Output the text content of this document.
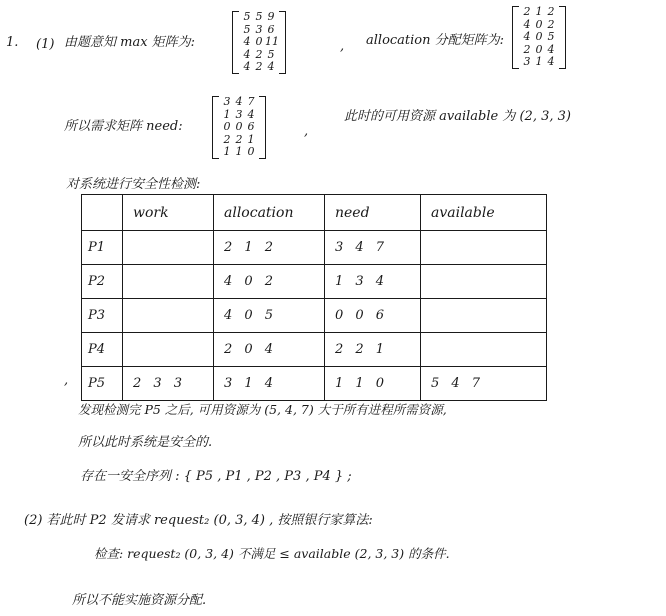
1. (1) 由题意知 max 矩阵为:
5 5 9
5 3 6
4 0 11
4 2 5
4 2 4
, allocation 分配矩阵为:
2 1 2
4 0 2
4 0 5
2 0 4
3 1 4
所以需求矩阵 need:
3 4 7
1 3 4
0 0 6
2 2 1
1 1 0
,
此时的可用资源 available 为 (2, 3, 3)
对系统进行安全性检测:
	work	allocation	need	available
P1		2 1 2	3 4 7	
P2		4 0 2	1 3 4	
P3		4 0 5	0 0 6	
P4		2 0 4	2 2 1	
P5	2 3 3	3 1 4	1 1 0	5 4 7
,
发现检测完 P5 之后, 可用资源为 (5, 4, 7) 大于所有进程所需资源,
所以此时系统是安全的.
存在一安全序列 : { P5 , P1 , P2 , P3 , P4 } ;
(2) 若此时 P2 发请求 request₂ (0, 3, 4) , 按照银行家算法:
检查: request₂ (0, 3, 4) 不满足 ≤ available (2, 3, 3) 的条件.
所以不能实施资源分配.
